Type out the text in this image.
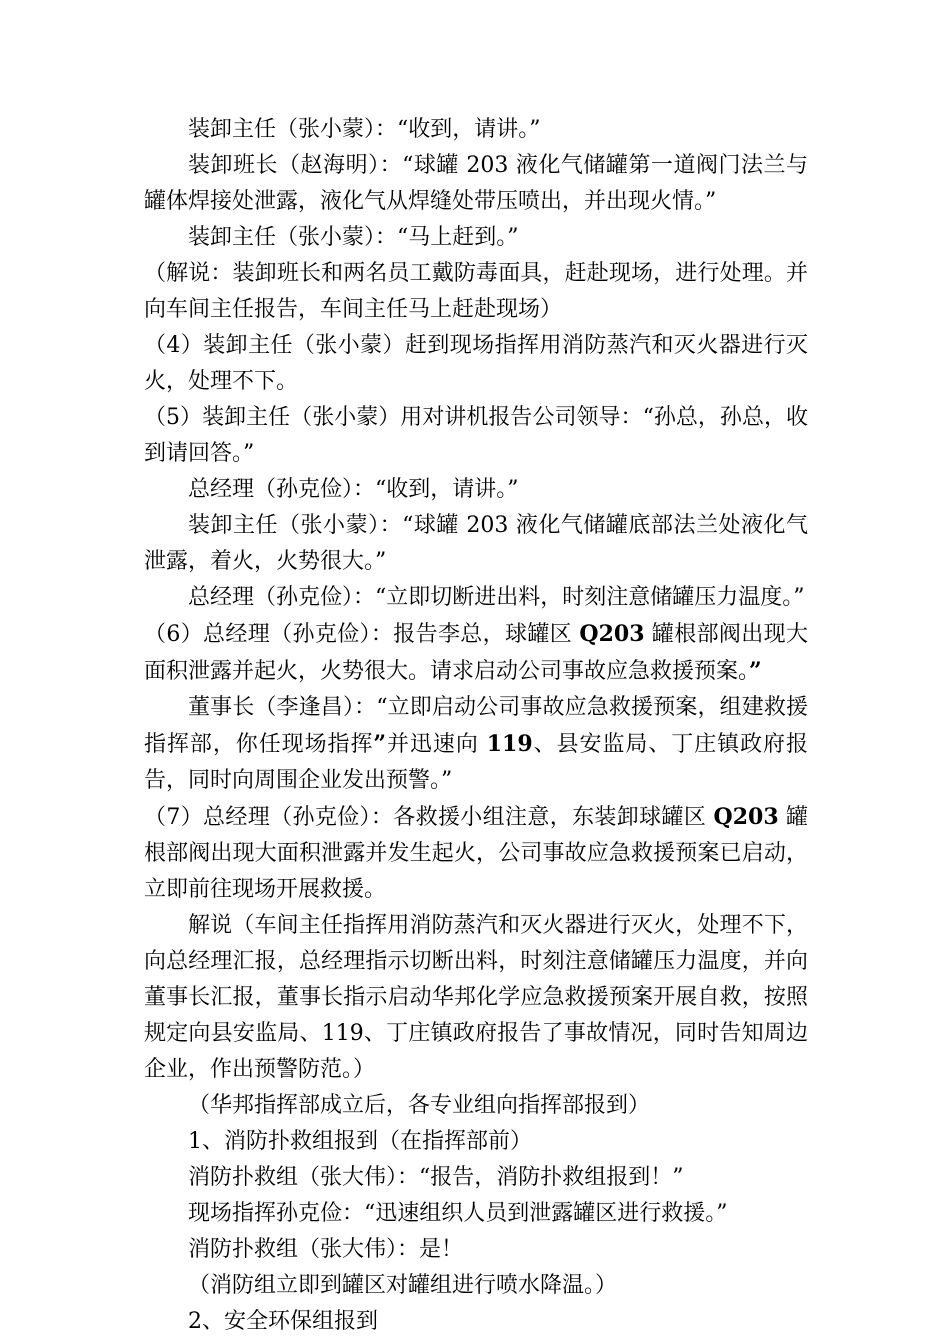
装卸主任（张小蒙）：“收到，请讲。”

装卸班长（赵海明）：“球罐 203 液化气储罐第一道阀门法兰与罐体焊接处泄露，液化气从焊缝处带压喷出，并出现火情。”

装卸主任（张小蒙）：“马上赶到。”

（解说：装卸班长和两名员工戴防毒面具，赶赴现场，进行处理。并向车间主任报告，车间主任马上赶赴现场）

（4）装卸主任（张小蒙）赶到现场指挥用消防蒸汽和灭火器进行灭火，处理不下。

（5）装卸主任（张小蒙）用对讲机报告公司领导：“孙总，孙总，收到请回答。”

总经理（孙克俭）：“收到，请讲。”

装卸主任（张小蒙）：“球罐 203 液化气储罐底部法兰处液化气泄露，着火，火势很大。”

总经理（孙克俭）：“立即切断进出料，时刻注意储罐压力温度。”

（6）总经理（孙克俭）：报告李总，球罐区 Q203 罐根部阀出现大面积泄露并起火，火势很大。请求启动公司事故应急救援预案。”

董事长（李逢昌）：“立即启动公司事故应急救援预案，组建救援指挥部，你任现场指挥”并迅速向 119、县安监局、丁庄镇政府报告，同时向周围企业发出预警。”

（7）总经理（孙克俭）：各救援小组注意，东装卸球罐区 Q203 罐根部阀出现大面积泄露并发生起火，公司事故应急救援预案已启动，立即前往现场开展救援。

解说（车间主任指挥用消防蒸汽和灭火器进行灭火，处理不下，向总经理汇报，总经理指示切断出料，时刻注意储罐压力温度，并向董事长汇报，董事长指示启动华邦化学应急救援预案开展自救，按照规定向县安监局、119、丁庄镇政府报告了事故情况，同时告知周边企业，作出预警防范。）

（华邦指挥部成立后，各专业组向指挥部报到）

1、消防扑救组报到（在指挥部前）

消防扑救组（张大伟）：“报告，消防扑救组报到！”

现场指挥孙克俭：“迅速组织人员到泄露罐区进行救援。”

消防扑救组（张大伟）：是！

（消防组立即到罐区对罐组进行喷水降温。）

2、安全环保组报到
